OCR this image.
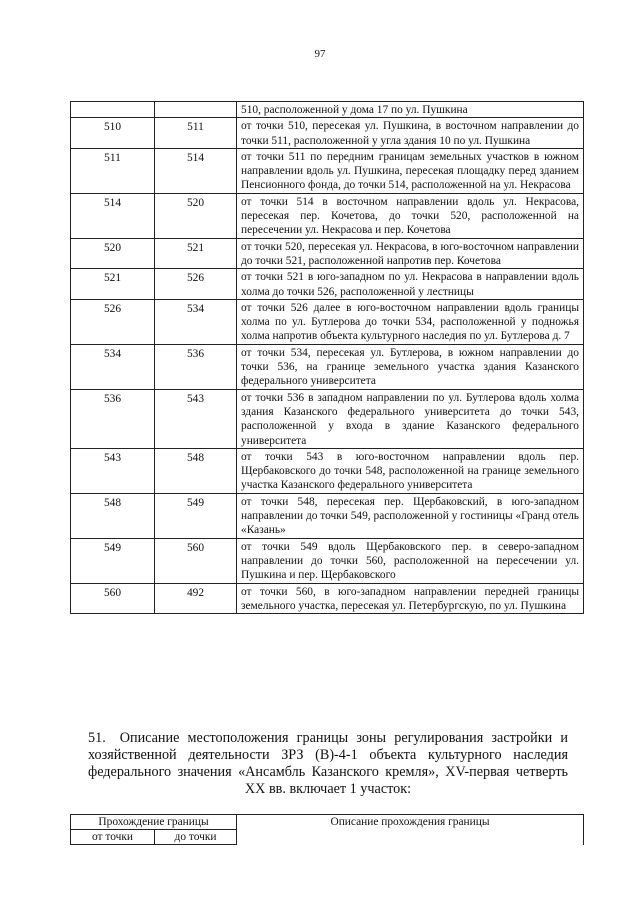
97
		510, расположенной у дома 17 по ул. Пушкина
510	511	от точки 510, пересекая ул. Пушкина, в восточном направлении до точки 511, расположенной у угла здания 10 по ул. Пушкина
511	514	от точки 511 по передним границам земельных участков в южном направлении вдоль ул. Пушкина, пересекая площадку перед зданием Пенсионного фонда, до точки 514, расположенной на ул. Некрасова
514	520	от точки 514 в восточном направлении вдоль ул. Некрасова, пересекая пер. Кочетова, до точки 520, расположенной на пересечении ул. Некрасова и пер. Кочетова
520	521	от точки 520, пересекая ул. Некрасова, в юго-восточном направлении до точки 521, расположенной напротив пер. Кочетова
521	526	от точки 521 в юго-западном по ул. Некрасова в направлении вдоль холма до точки 526, расположенной у лестницы
526	534	от точки 526 далее в юго-восточном направлении вдоль границы холма по ул. Бутлерова до точки 534, расположенной у подножья холма напротив объекта культурного наследия по ул. Бутлерова д. 7
534	536	от точки 534, пересекая ул. Бутлерова, в южном направлении до точки 536, на границе земельного участка здания Казанского федерального университета
536	543	от точки 536 в западном направлении по ул. Бутлерова вдоль холма здания Казанского федерального университета до точки 543, расположенной у входа в здание Казанского федерального университета
543	548	от точки 543 в юго-восточном направлении вдоль пер. Щербаковского до точки 548, расположенной на границе земельного участка Казанского федерального университета
548	549	от точки 548, пересекая пер. Щербаковский, в юго-западном направлении до точки 549, расположенной у гостиницы «Гранд отель «Казань»
549	560	от точки 549 вдоль Щербаковского пер. в северо-западном направлении до точки 560, расположенной на пересечении ул. Пушкина и пер. Щербаковского
560	492	от точки 560, в юго-западном направлении передней границы земельного участка, пересекая ул. Петербургскую, по ул. Пушкина
51. Описание местоположения границы зоны регулирования застройки и хозяйственной деятельности ЗРЗ (В)-4-1 объекта культурного наследия федерального значения «Ансамбль Казанского кремля», XV-первая четверть XX вв. включает 1 участок:
Прохождение границы		Описание прохождения границы
от точки	до точки	
